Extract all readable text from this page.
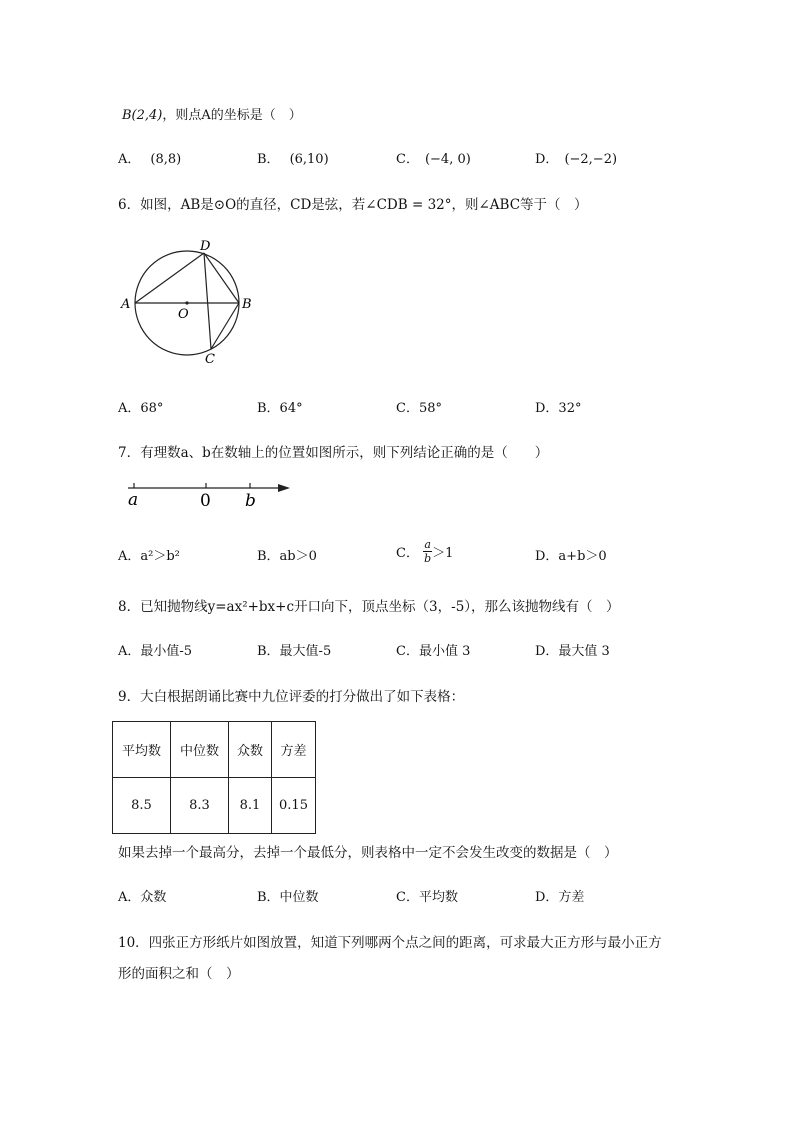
B(2,4)，则点A的坐标是（　）
A． (8,8)	B． (6,10)	C． (−4, 0)	D． (−2,−2)
6．如图，AB是⊙O的直径，CD是弦，若∠CDB = 32°，则∠ABC等于（　）
D
A
O
B
C
A．68°	B．64°	C．58°	D．32°
7．有理数a、b在数轴上的位置如图所示，则下列结论正确的是（　　）
a	0 b
A．a²＞b²	B．ab＞0	C． $\frac{a}{b} >1$	D．a+b＞0
8．已知抛物线y=ax²+bx+c开口向下，顶点坐标（3，-5），那么该抛物线有（　）
A．最小值-5	B．最大值-5	C．最小值 3	D．最大值 3
9．大白根据朗诵比赛中九位评委的打分做出了如下表格：
平均数	中位数	众数	方差
8.5	8.3	8.1	0.15
如果去掉一个最高分，去掉一个最低分，则表格中一定不会发生改变的数据是（　）
A．众数	B．中位数	C．平均数	D．方差
10．四张正方形纸片如图放置，知道下列哪两个点之间的距离，可求最大正方形与最小正方
形的面积之和（　）
